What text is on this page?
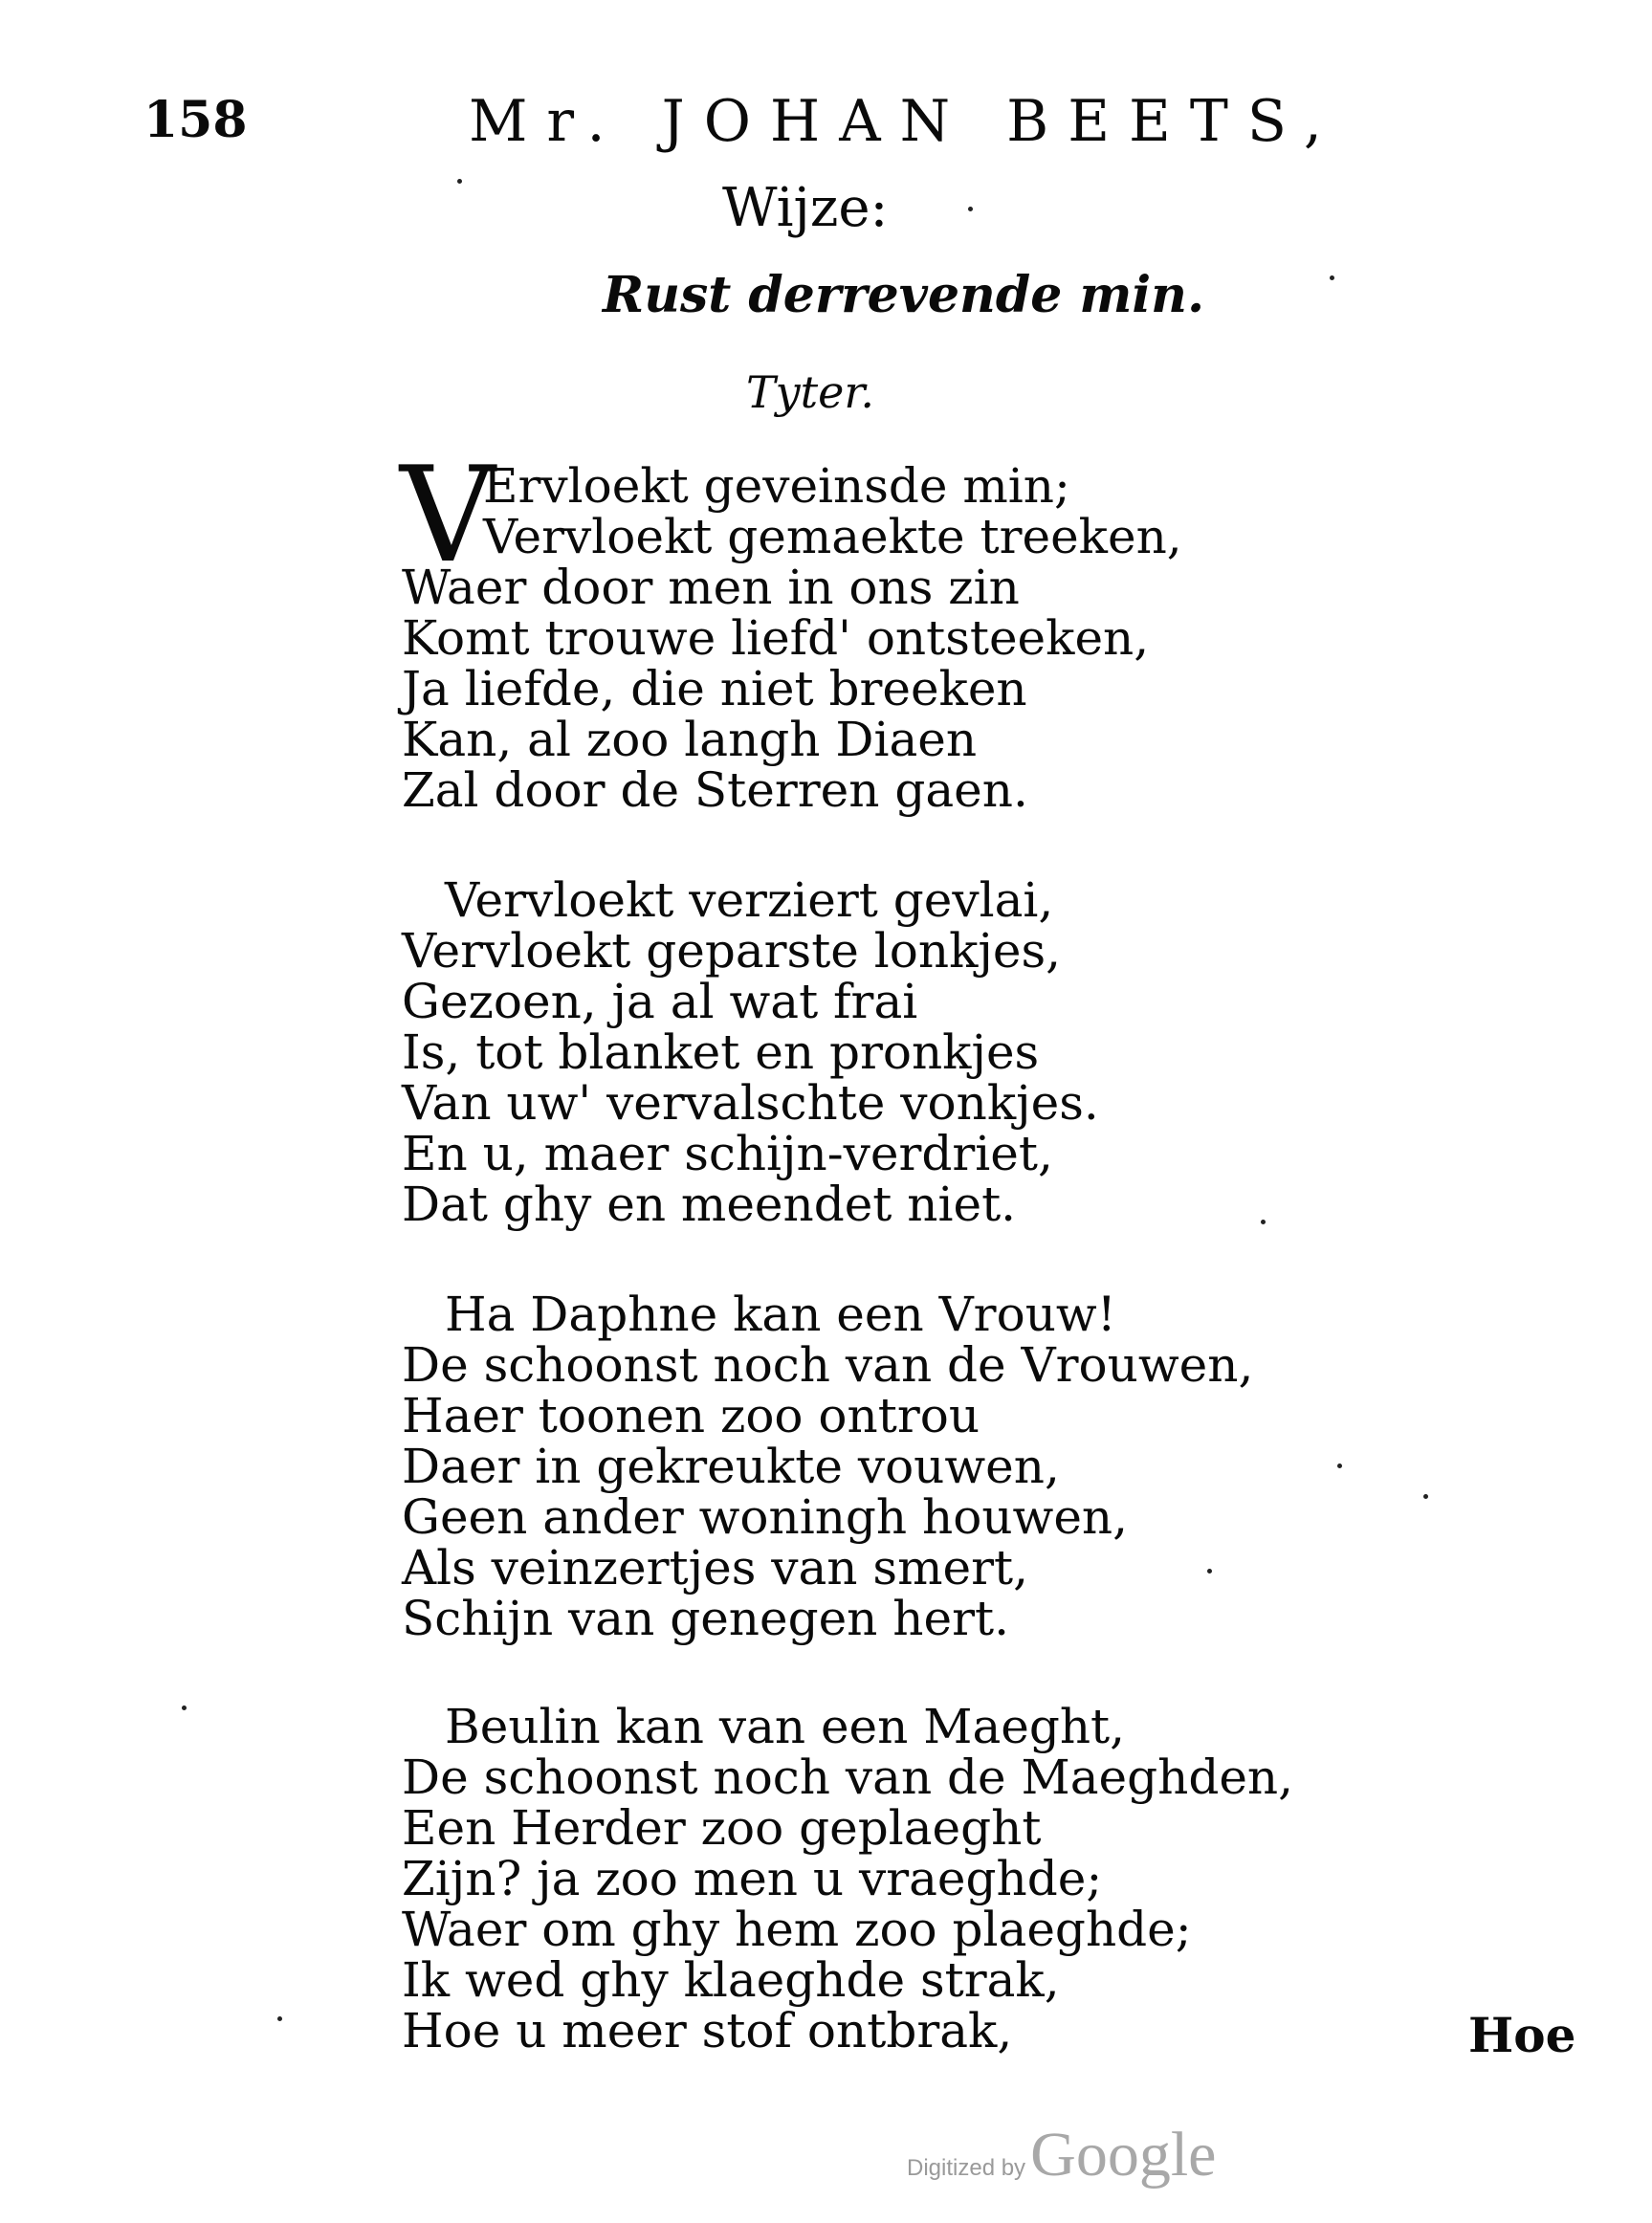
158	Mr. JOHAN BEETS,
Wijze:
Rust derrevende min.
Tyter.
V
Ervloekt geveinsde min;
Vervloekt gemaekte treeken,
Waer door men in ons zin
Komt trouwe liefd' ontsteeken,
Ja liefde, die niet breeken
Kan, al zoo langh Diaen
Zal door de Sterren gaen.
Vervloekt verziert gevlai,
Vervloekt geparste lonkjes,
Gezoen, ja al wat frai
Is, tot blanket en pronkjes
Van uw' vervalschte vonkjes.
En u, maer schijn-verdriet,
Dat ghy en meendet niet.
Ha Daphne kan een Vrouw!
De schoonst noch van de Vrouwen,
Haer toonen zoo ontrou
Daer in gekreukte vouwen,
Geen ander woningh houwen,
Als veinzertjes van smert,
Schijn van genegen hert.
Beulin kan van een Maeght,
De schoonst noch van de Maeghden,
Een Herder zoo geplaeght
Zijn? ja zoo men u vraeghde;
Waer om ghy hem zoo plaeghde;
Ik wed ghy klaeghde strak,
Hoe u meer stof ontbrak,	Hoe
Digitized by Google
